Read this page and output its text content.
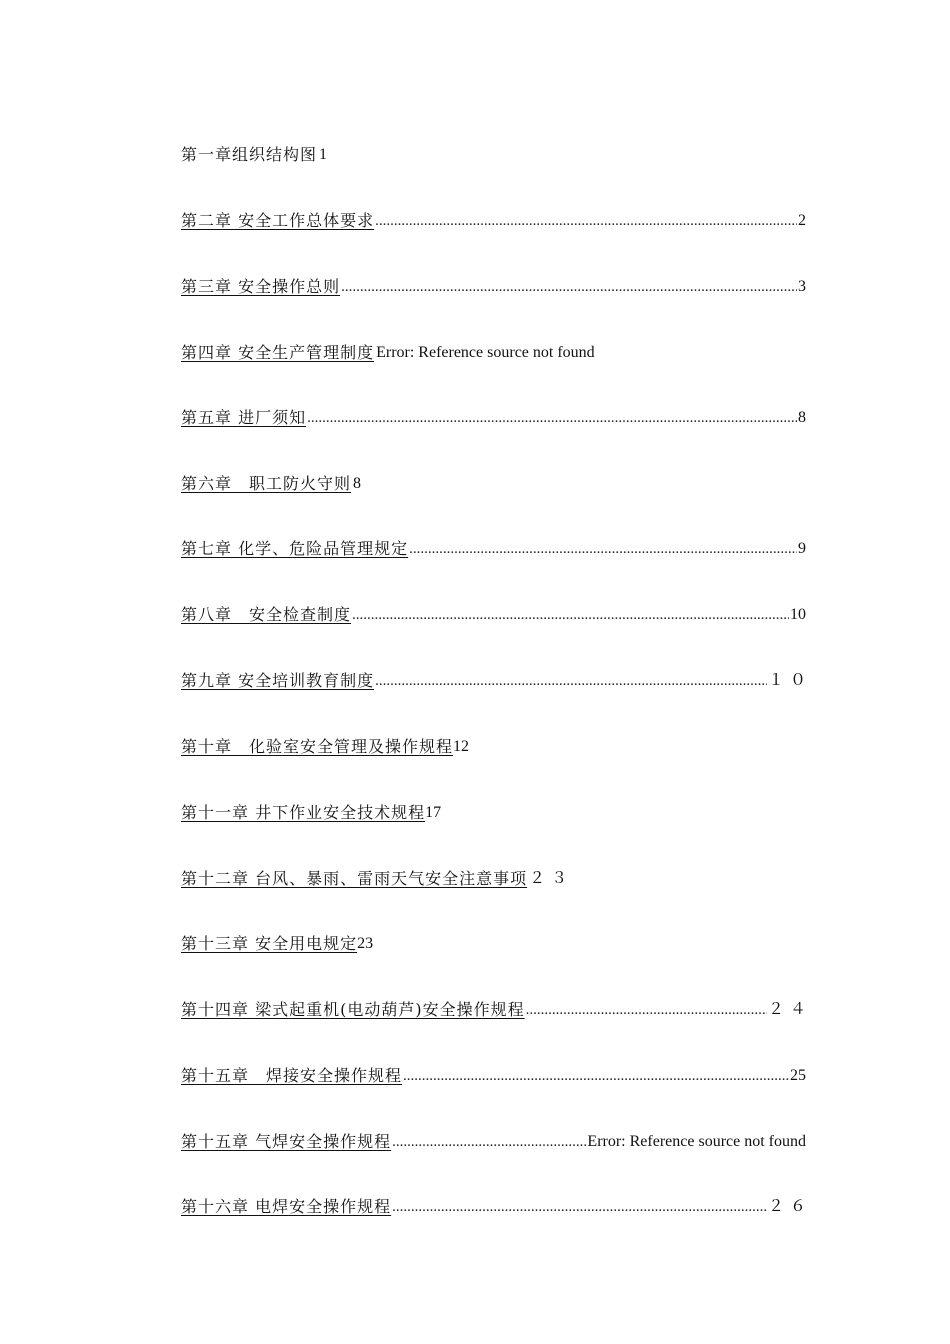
第一章组织结构图 1
第二章 安全工作总体要求 .....	2
第三章 安全操作总则 .....	3
第四章 安全生产管理制度 Error: Reference source not found
第五章 进厂须知 .....	8
第六章　职工防火守则 8
第七章 化学、危险品管理规定 .....	9
第八章　安全检查制度 .....	10
第九章 安全培训教育制度 .....	１０
第十章　化验室安全管理及操作规程 12
第十一章 井下作业安全技术规程 17
第十二章 台风、暴雨、雷雨天气安全注意事项 ２３
第十三章 安全用电规定 23
第十四章 梁式起重机(电动葫芦)安全操作规程 .....	２４
第十五章　焊接安全操作规程 .....	25
第十五章 气焊安全操作规程 .....	Error: Reference source not found
第十六章 电焊安全操作规程 .....	２６
